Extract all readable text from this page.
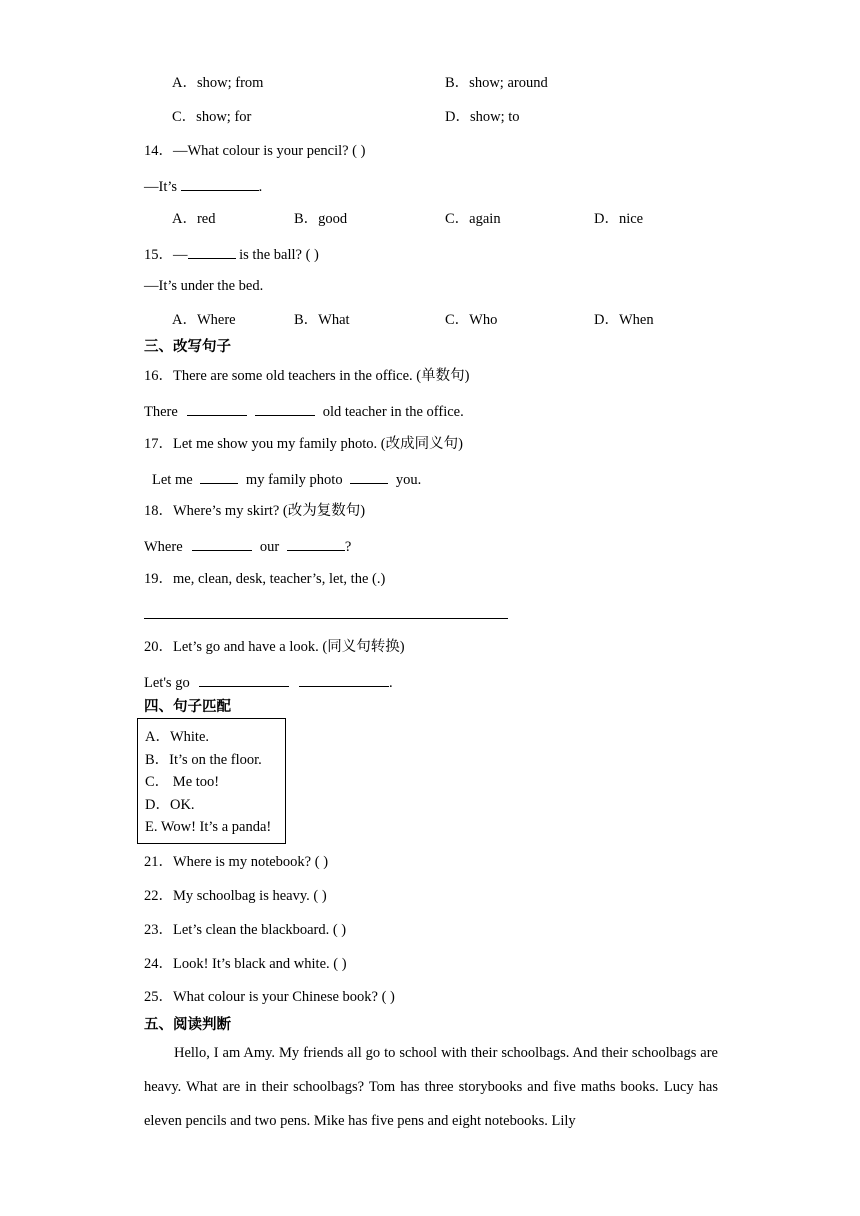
A．show; from	B．show; around
C．show; for	D．show; to
14．—What colour is your pencil? ( )
—It’s	.
A．red	B．good	C．again	D．nice
15．—	is the ball? ( )
—It’s under the bed.
A．Where	B．What	C．Who	D．When
三、改写句子
16．There are some old teachers in the office. (单数句)
There	old teacher in the office.
17．Let me show you my family photo. (改成同义句)
Let me	my family photo	you.
18．Where’s my skirt? (改为复数句)
Where	our	?
19．me, clean, desk, teacher’s, let, the (.)
20．Let’s go and have a look. (同义句转换)
Let's go	.
四、句子匹配
A．White.
B．It’s on the floor.
C． Me too!
D．OK.
E. Wow! It’s a panda!
21．Where is my notebook? ( )
22．My schoolbag is heavy. ( )
23．Let’s clean the blackboard. ( )
24．Look! It’s black and white. ( )
25．What colour is your Chinese book? ( )
五、阅读判断
Hello, I am Amy. My friends all go to school with their schoolbags. And their schoolbags are heavy. What are in their schoolbags? Tom has three storybooks and five maths books. Lucy has eleven pencils and two pens. Mike has five pens and eight notebooks. Lily
